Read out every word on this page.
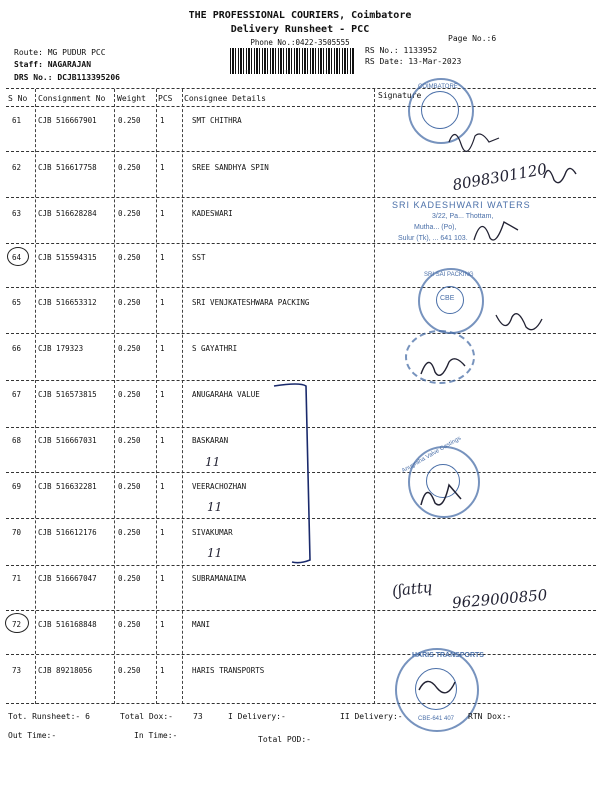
THE PROFESSIONAL COURIERS, Coimbatore
Delivery Runsheet - PCC
Phone No.:0422-3505555	Page No.:6
Route: MG PUDUR PCC
Staff: NAGARAJAN
DRS No.: DCJB113395206
RS No.: 1133952
RS Date: 13-Mar-2023
S No Consignment No Weight PCS Consignee Details	Signature
61 CJB 516667901	0.250	1	SMT CHITHRA
62 CJB 516617758	0.250	1	SREE SANDHYA SPIN
63 CJB 516628284	0.250	1	KADESWARI
64 CJB 515594315	0.250	1	SST
65 CJB 516653312	0.250	1	SRI VENJKATESHWARA PACKING
66 CJB 179323	0.250	1	S GAYATHRI
67 CJB 516573815	0.250	1	ANUGARAHA VALUE
68 CJB 516667031	0.250	1	BASKARAN
69 CJB 516632281	0.250	1	VEERACHOZHAN
70 CJB 516612176	0.250	1	SIVAKUMAR
71 CJB 516667047	0.250	1	SUBRAMANAIMA
72 CJB 516168848	0.250	1	MANI
73 CJB 89218056	0.250	1	HARIS TRANSPORTS
11
11
11
COIMBATORE
8098301120
SRI KADESHWARI WATERS
3/22, Pa... Thottam,
Mutha... (Po),
Sulur (Tk), ... 641 103.
SRI SAI PACKING
CBE
Anugraha Valve Castings
(ʃattɥ 9629000850
HARIS TRANSPORTS
CBE-641 407
Tot. Runsheet:- 6	Total Dox:-	73	I Delivery:-	II Delivery:-	RTN Dox:-
Out Time:-	In Time:-	Total POD:-
